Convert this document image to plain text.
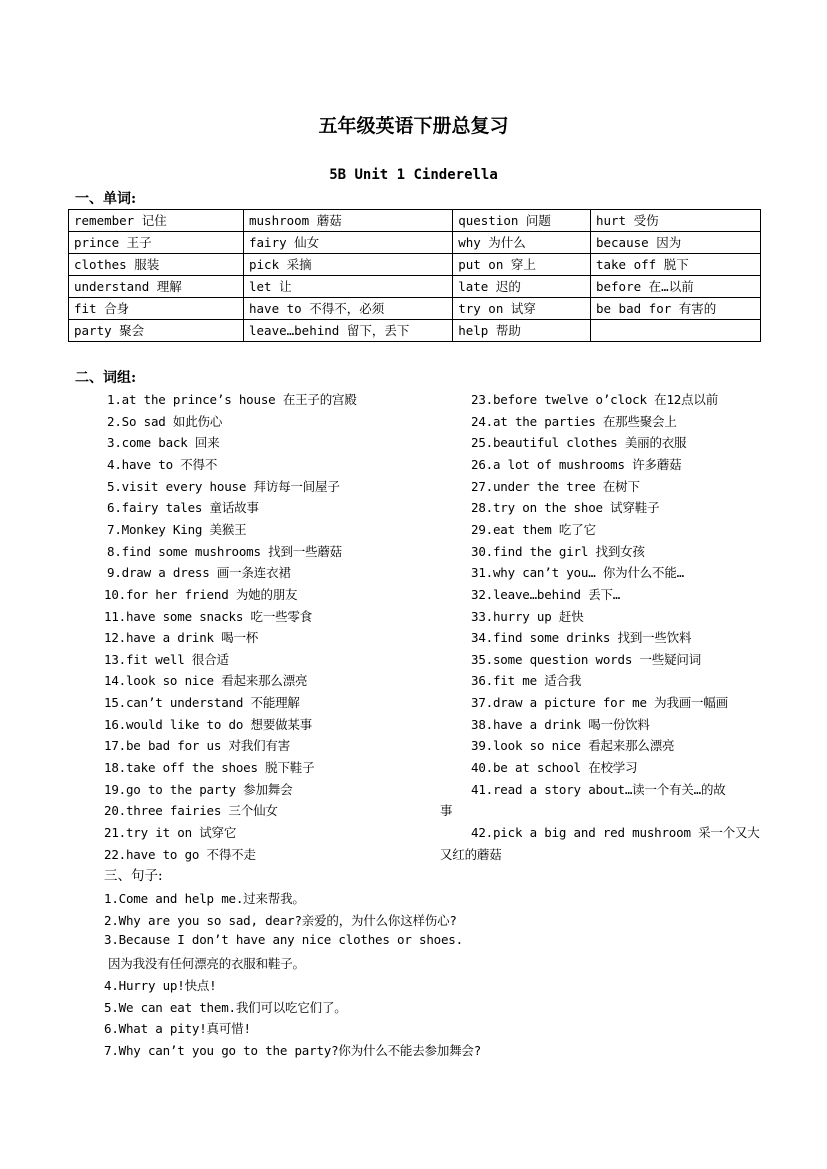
五年级英语下册总复习
5B Unit 1 Cinderella
一、单词:
remember 记住	mushroom 蘑菇	question 问题	hurt 受伤
prince 王子	fairy 仙女	why 为什么	because 因为
clothes 服装	pick 采摘	put on 穿上	take off 脱下
understand 理解	let 让	late 迟的	before 在…以前
fit 合身	have to 不得不，必须	try on 试穿	be bad for 有害的
party 聚会	leave…behind 留下，丢下	help 帮助	
二、词组:
1.at the prince’s house 在王子的宫殿
2.So sad 如此伤心
3.come back 回来
4.have to 不得不
5.visit every house 拜访每一间屋子
6.fairy tales 童话故事
7.Monkey King 美猴王
8.find some mushrooms 找到一些蘑菇
9.draw a dress 画一条连衣裙
10.for her friend 为她的朋友
11.have some snacks 吃一些零食
12.have a drink 喝一杯
13.fit well 很合适
14.look so nice 看起来那么漂亮
15.can’t understand 不能理解
16.would like to do 想要做某事
17.be bad for us 对我们有害
18.take off the shoes 脱下鞋子
19.go to the party 参加舞会
20.three fairies 三个仙女
21.try it on 试穿它
22.have to go 不得不走
23.before twelve o’clock 在12点以前
24.at the parties 在那些聚会上
25.beautiful clothes 美丽的衣服
26.a lot of mushrooms 许多蘑菇
27.under the tree 在树下
28.try on the shoe 试穿鞋子
29.eat them 吃了它
30.find the girl 找到女孩
31.why can’t you… 你为什么不能…
32.leave…behind 丢下…
33.hurry up 赶快
34.find some drinks 找到一些饮料
35.some question words 一些疑问词
36.fit me 适合我
37.draw a picture for me 为我画一幅画
38.have a drink 喝一份饮料
39.look so nice 看起来那么漂亮
40.be at school 在校学习
41.read a story about…读一个有关…的故
事
42.pick a big and red mushroom 采一个又大
又红的蘑菇
三、句子:
1.Come and help me.过来帮我。
2.Why are you so sad, dear?亲爱的，为什么你这样伤心?
3.Because I don’t have any nice clothes or shoes.
因为我没有任何漂亮的衣服和鞋子。
4.Hurry up!快点!
5.We can eat them.我们可以吃它们了。
6.What a pity!真可惜!
7.Why can’t you go to the party?你为什么不能去参加舞会?
